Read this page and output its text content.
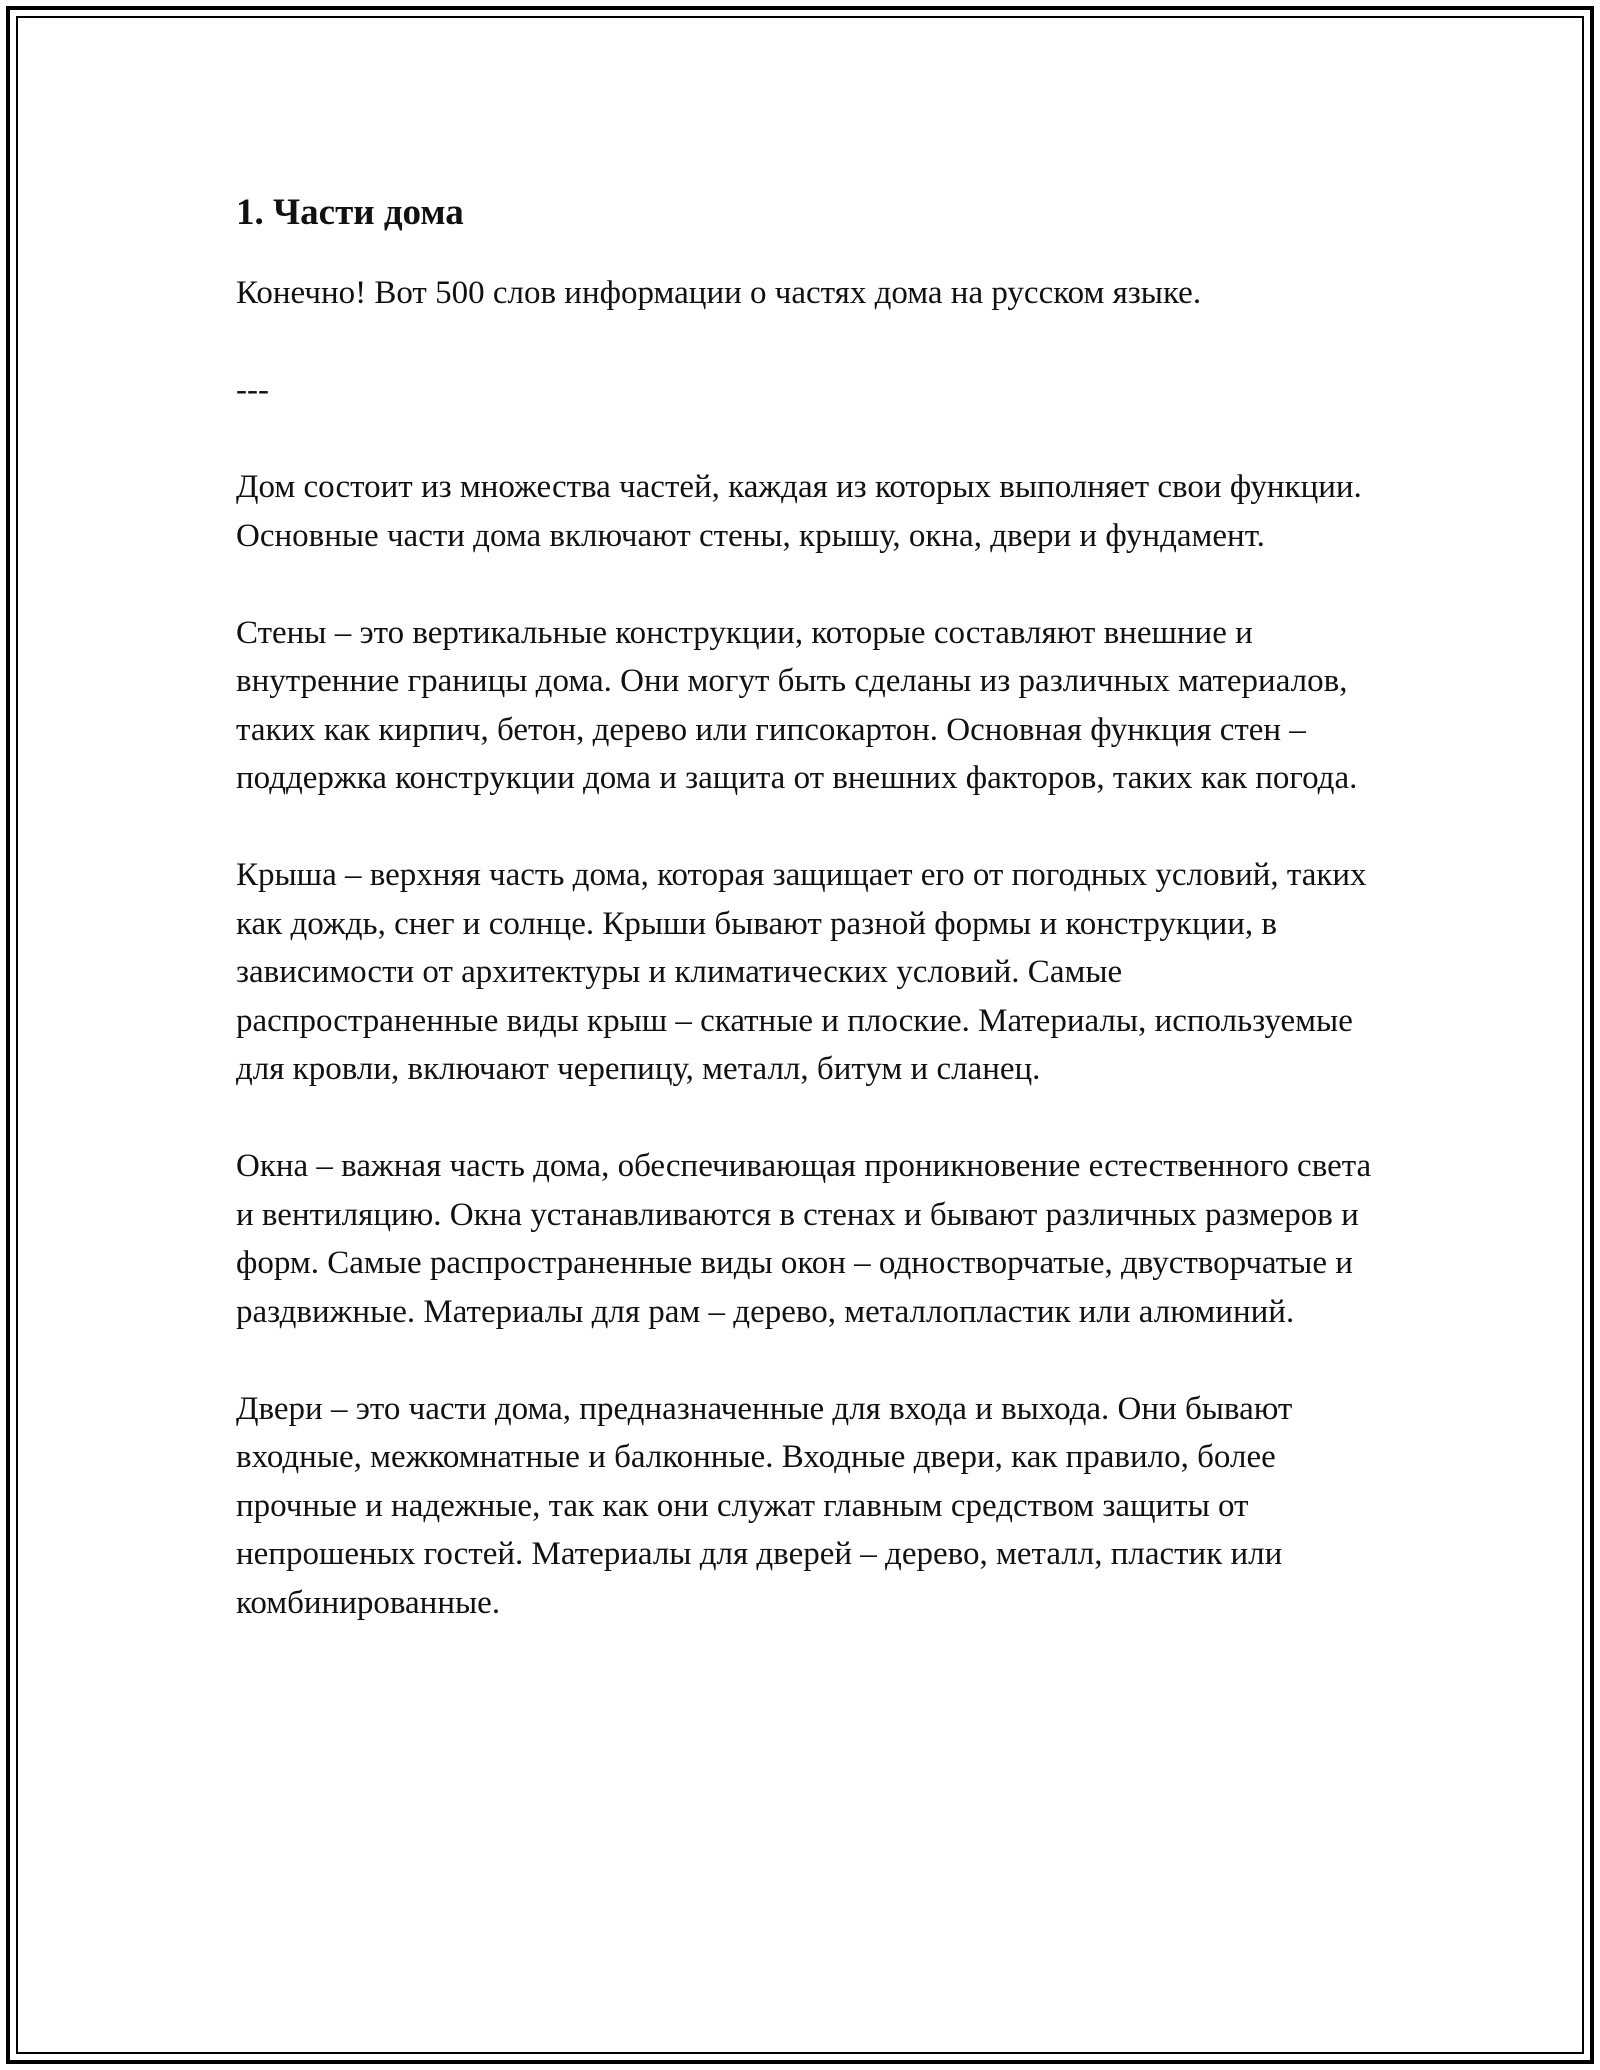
1. Части дома

Конечно! Вот 500 слов информации о частях дома на русском языке.

---

Дом состоит из множества частей, каждая из которых выполняет свои функции. Основные части дома включают стены, крышу, окна, двери и фундамент.

Стены – это вертикальные конструкции, которые составляют внешние и внутренние границы дома. Они могут быть сделаны из различных материалов, таких как кирпич, бетон, дерево или гипсокартон. Основная функция стен – поддержка конструкции дома и защита от внешних факторов, таких как погода.

Крыша – верхняя часть дома, которая защищает его от погодных условий, таких как дождь, снег и солнце. Крыши бывают разной формы и конструкции, в зависимости от архитектуры и климатических условий. Самые распространенные виды крыш – скатные и плоские. Материалы, используемые для кровли, включают черепицу, металл, битум и сланец.

Окна – важная часть дома, обеспечивающая проникновение естественного света и вентиляцию. Окна устанавливаются в стенах и бывают различных размеров и форм. Самые распространенные виды окон – одностворчатые, двустворчатые и раздвижные. Материалы для рам – дерево, металлопластик или алюминий.

Двери – это части дома, предназначенные для входа и выхода. Они бывают входные, межкомнатные и балконные. Входные двери, как правило, более прочные и надежные, так как они служат главным средством защиты от непрошеных гостей. Материалы для дверей – дерево, металл, пластик или комбинированные.
